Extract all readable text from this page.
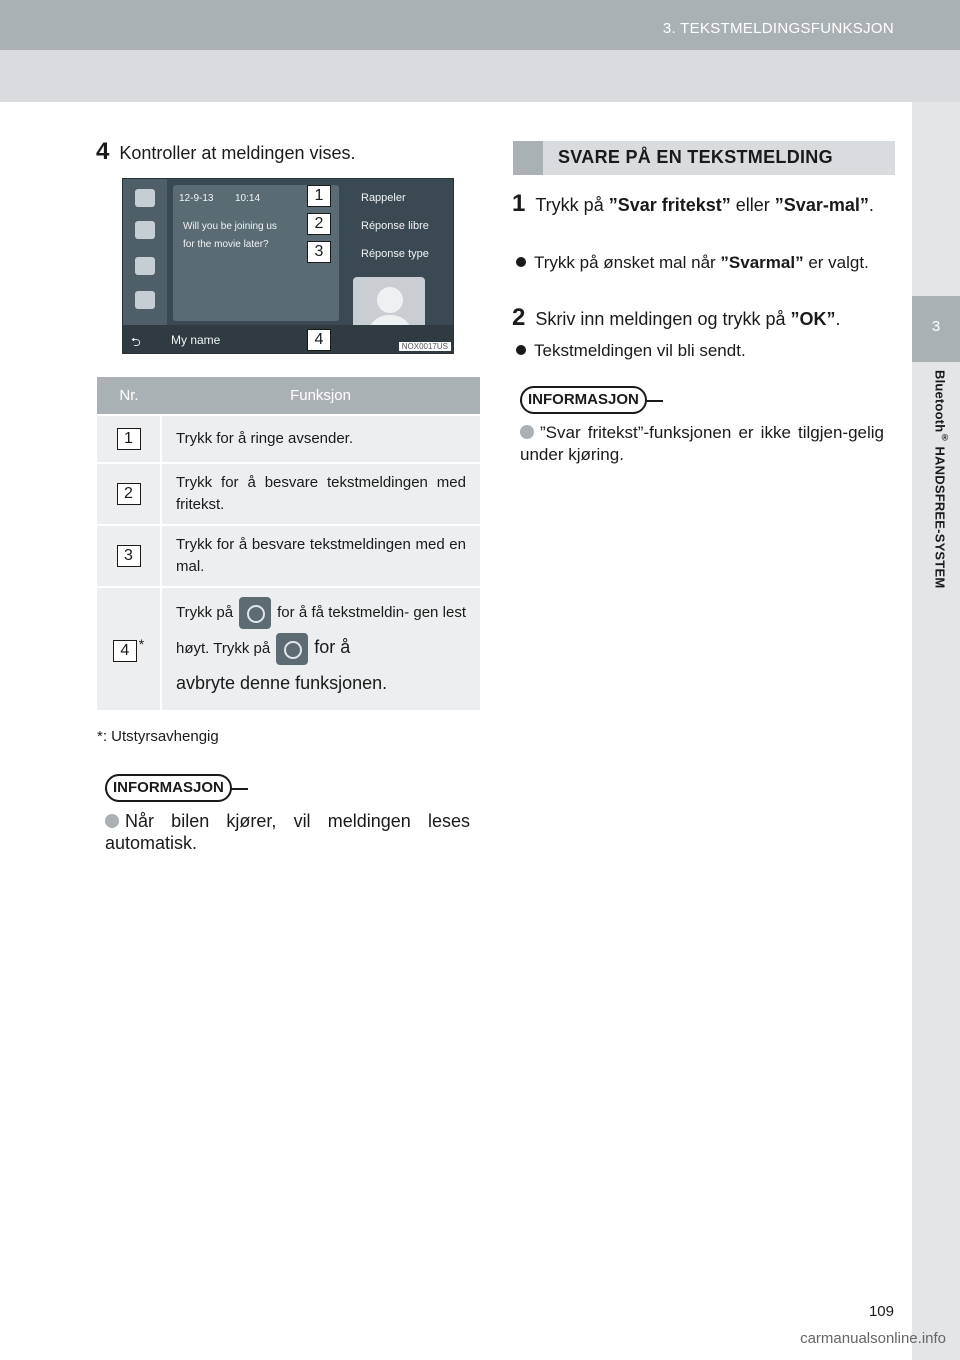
3. TEKSTMELDINGSFUNKSJON
3
Bluetooth® HANDSFREE-SYSTEM
4 Kontroller at meldingen vises.
12-9-13 10:14
Will you be joining us
for the movie later?
Rappeler
Réponse libre
Réponse type
⮌	My name
1
2
3
4	NOX0017US
Nr.	Funksjon
1	Trykk for å ringe avsender.
2	Trykk for å besvare tekstmeldingen med fritekst.
3	Trykk for å besvare tekstmeldingen med en mal.
4 *	Trykk på for å få tekstmeldin- gen lest høyt. Trykk på for å
avbryte denne funksjonen.
*: Utstyrsavhengig
INFORMASJON
Når bilen kjører, vil meldingen leses automatisk.
SVARE PÅ EN TEKSTMELDING
1 Trykk på ”Svar fritekst” eller ”Svar-mal”.
Trykk på ønsket mal når ”Svarmal” er valgt.
2 Skriv inn meldingen og trykk på ”OK”.
Tekstmeldingen vil bli sendt.
INFORMASJON
”Svar fritekst”-funksjonen er ikke tilgjen-gelig under kjøring.
109
carmanualsonline.info
